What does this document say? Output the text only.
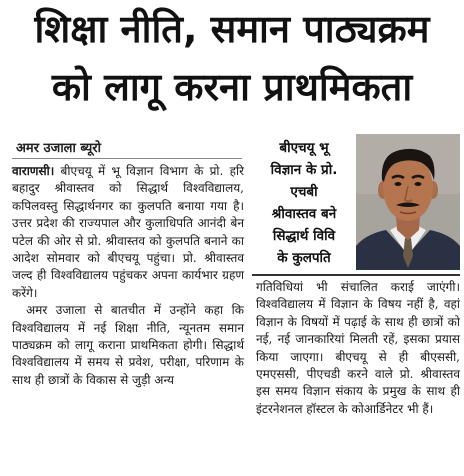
शिक्षा नीति, समान पाठ्यक्रम
को लागू करना प्राथमिकता
अमर उजाला ब्यूरो

वाराणसी। बीएचयू में भू विज्ञान विभाग के प्रो. हरि बहादुर श्रीवास्तव को सिद्धार्थ विश्वविद्यालय, कपिलवस्तु सिद्धार्थनगर का कुलपति बनाया गया है। उत्तर प्रदेश की राज्यपाल और कुलाधिपति आनंदी बेन पटेल की ओर से प्रो. श्रीवास्तव को कुलपति बनाने का आदेश सोमवार को बीएचयू पहुंचा। प्रो. श्रीवास्तव जल्द ही विश्वविद्यालय पहुंचकर अपना कार्यभार ग्रहण करेंगे।

अमर उजाला से बातचीत में उन्होंने कहा कि विश्वविद्यालय में नई शिक्षा नीति, न्यूनतम समान पाठ्यक्रम को लागू कराना प्राथमिकता होगी। सिद्धार्थ विश्वविद्यालय में समय से प्रवेश, परीक्षा, परिणाम के साथ ही छात्रों के विकास से जुड़ी अन्य

बीएचयू भू
विज्ञान के प्रो.
एचबी
श्रीवास्तव बने
सिद्धार्थ विवि
के कुलपति

गतिविधियां भी संचालित कराई जाएंगी। विश्वविद्यालय में विज्ञान के विषय नहीं है, वहां विज्ञान के विषयों में पढ़ाई के साथ ही छात्रों को नई, नई जानकारियां मिलती रहें, इसका प्रयास किया जाएगा। बीएचयू से ही बीएससी, एमएससी, पीएचडी करने वाले प्रो. श्रीवास्तव इस समय विज्ञान संकाय के प्रमुख के साथ ही इंटरनेशनल हॉस्टल के कोआर्डिनेटर भी हैं।
